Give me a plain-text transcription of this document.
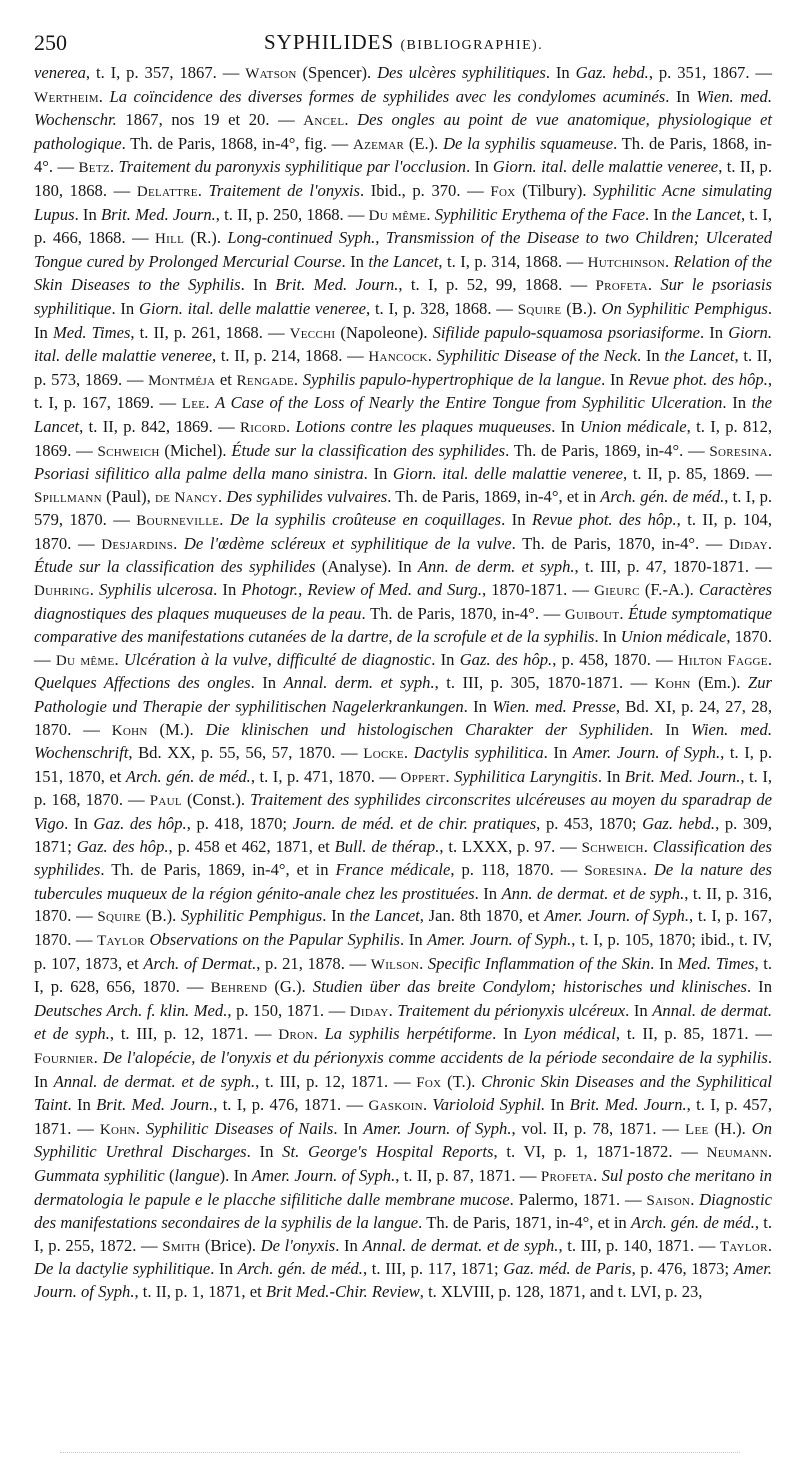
250	SYPHILIDES (BIBLIOGRAPHIE).
venerea, t. I, p. 357, 1867. — Watson (Spencer). Des ulcères syphilitiques. In Gaz. hebd., p. 351, 1867. — Wertheim. La coïncidence des diverses formes de syphilides avec les condylomes acuminés. In Wien. med. Wochenschr. 1867, nos 19 et 20. — Ancel. Des ongles au point de vue anatomique, physiologique et pathologique. Th. de Paris, 1868, in-4°, fig. — Azemar (E.). De la syphilis squameuse. Th. de Paris, 1868, in-4°. — Betz. Traitement du paronyxis syphilitique par l'occlusion. In Giorn. ital. delle malattie veneree, t. II, p. 180, 1868. — Delattre. Traitement de l'onyxis. Ibid., p. 370. — Fox (Tilbury). Syphilitic Acne simulating Lupus. In Brit. Med. Journ., t. II, p. 250, 1868. — Du même. Syphilitic Erythema of the Face. In the Lancet, t. I, p. 466, 1868. — Hill (R.). Long-continued Syph., Transmission of the Disease to two Children; Ulcerated Tongue cured by Prolonged Mercurial Course. In the Lancet, t. I, p. 314, 1868. — Hutchinson. Relation of the Skin Diseases to the Syphilis. In Brit. Med. Journ., t. I, p. 52, 99, 1868. — Profeta. Sur le psoriasis syphilitique. In Giorn. ital. delle malattie veneree, t. I, p. 328, 1868. — Squire (B.). On Syphilitic Pemphigus. In Med. Times, t. II, p. 261, 1868. — Vecchi (Napoleone). Sifilide papulo-squamosa psoriasiforme. In Giorn. ital. delle malattie veneree, t. II, p. 214, 1868. — Hancock. Syphilitic Disease of the Neck. In the Lancet, t. II, p. 573, 1869. — Montméja et Rengade. Syphilis papulo-hypertrophique de la langue. In Revue phot. des hôp., t. I, p. 167, 1869. — Lee. A Case of the Loss of Nearly the Entire Tongue from Syphilitic Ulceration. In the Lancet, t. II, p. 842, 1869. — Ricord. Lotions contre les plaques muqueuses. In Union médicale, t. I, p. 812, 1869. — Schweich (Michel). Étude sur la classification des syphilides. Th. de Paris, 1869, in-4°. — Soresina. Psoriasi sifilitico alla palme della mano sinistra. In Giorn. ital. delle malattie veneree, t. II, p. 85, 1869. — Spillmann (Paul), de Nancy. Des syphilides vulvaires. Th. de Paris, 1869, in-4°, et in Arch. gén. de méd., t. I, p. 579, 1870. — Bourneville. De la syphilis croûteuse en coquillages. In Revue phot. des hôp., t. II, p. 104, 1870. — Desjardins. De l'œdème scléreux et syphilitique de la vulve. Th. de Paris, 1870, in-4°. — Diday. Étude sur la classification des syphilides (Analyse). In Ann. de derm. et syph., t. III, p. 47, 1870-1871. — Duhring. Syphilis ulcerosa. In Photogr., Review of Med. and Surg., 1870-1871. — Gieurc (F.-A.). Caractères diagnostiques des plaques muqueuses de la peau. Th. de Paris, 1870, in-4°. — Guibout. Étude symptomatique comparative des manifestations cutanées de la dartre, de la scrofule et de la syphilis. In Union médicale, 1870. — Du même. Ulcération à la vulve, difficulté de diagnostic. In Gaz. des hôp., p. 458, 1870. — Hilton Fagge. Quelques Affections des ongles. In Annal. derm. et syph., t. III, p. 305, 1870-1871. — Kohn (Em.). Zur Pathologie und Therapie der syphilitischen Nagelerkrankungen. In Wien. med. Presse, Bd. XI, p. 24, 27, 28, 1870. — Kohn (M.). Die klinischen und histologischen Charakter der Syphiliden. In Wien. med. Wochenschrift, Bd. XX, p. 55, 56, 57, 1870. — Locke. Dactylis syphilitica. In Amer. Journ. of Syph., t. I, p. 151, 1870, et Arch. gén. de méd., t. I, p. 471, 1870. — Oppert. Syphilitica Laryngitis. In Brit. Med. Journ., t. I, p. 168, 1870. — Paul (Const.). Traitement des syphilides circonscrites ulcéreuses au moyen du sparadrap de Vigo. In Gaz. des hôp., p. 418, 1870; Journ. de méd. et de chir. pratiques, p. 453, 1870; Gaz. hebd., p. 309, 1871; Gaz. des hôp., p. 458 et 462, 1871, et Bull. de thérap., t. LXXX, p. 97. — Schweich. Classification des syphilides. Th. de Paris, 1869, in-4°, et in France médicale, p. 118, 1870. — Soresina. De la nature des tubercules muqueux de la région génito-anale chez les prostituées. In Ann. de dermat. et de syph., t. II, p. 316, 1870. — Squire (B.). Syphilitic Pemphigus. In the Lancet, Jan. 8th 1870, et Amer. Journ. of Syph., t. I, p. 167, 1870. — Taylor Observations on the Papular Syphilis. In Amer. Journ. of Syph., t. I, p. 105, 1870; ibid., t. IV, p. 107, 1873, et Arch. of Dermat., p. 21, 1878. — Wilson. Specific Inflammation of the Skin. In Med. Times, t. I, p. 628, 656, 1870. — Behrend (G.). Studien über das breite Condylom; historisches und klinisches. In Deutsches Arch. f. klin. Med., p. 150, 1871. — Diday. Traitement du périonyxis ulcéreux. In Annal. de dermat. et de syph., t. III, p. 12, 1871. — Dron. La syphilis herpétiforme. In Lyon médical, t. II, p. 85, 1871. — Fournier. De l'alopécie, de l'onyxis et du périonyxis comme accidents de la période secondaire de la syphilis. In Annal. de dermat. et de syph., t. III, p. 12, 1871. — Fox (T.). Chronic Skin Diseases and the Syphilitical Taint. In Brit. Med. Journ., t. I, p. 476, 1871. — Gaskoin. Varioloid Syphil. In Brit. Med. Journ., t. I, p. 457, 1871. — Kohn. Syphilitic Diseases of Nails. In Amer. Journ. of Syph., vol. II, p. 78, 1871. — Lee (H.). On Syphilitic Urethral Discharges. In St. George's Hospital Reports, t. VI, p. 1, 1871-1872. — Neumann. Gummata syphilitic (langue). In Amer. Journ. of Syph., t. II, p. 87, 1871. — Profeta. Sul posto che meritano in dermatologia le papule e le placche sifilitiche dalle membrane mucose. Palermo, 1871. — Saison. Diagnostic des manifestations secondaires de la syphilis de la langue. Th. de Paris, 1871, in-4°, et in Arch. gén. de méd., t. I, p. 255, 1872. — Smith (Brice). De l'onyxis. In Annal. de dermat. et de syph., t. III, p. 140, 1871. — Taylor. De la dactylie syphilitique. In Arch. gén. de méd., t. III, p. 117, 1871; Gaz. méd. de Paris, p. 476, 1873; Amer. Journ. of Syph., t. II, p. 1, 1871, et Brit Med.-Chir. Review, t. XLVIII, p. 128, 1871, and t. LVI, p. 23,
